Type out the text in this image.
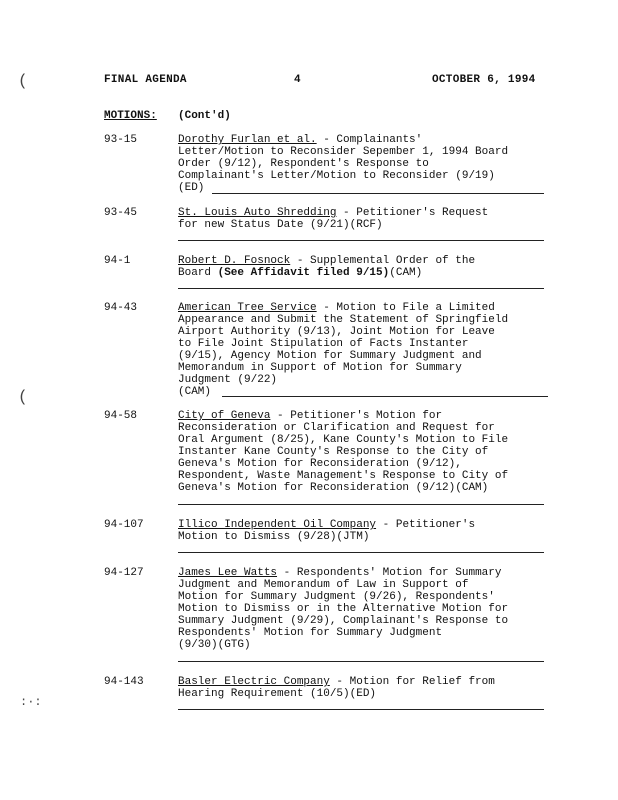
(
(
:·:
FINAL AGENDA	4	OCTOBER 6, 1994
MOTIONS: (Cont'd)
93-15	Dorothy Furlan et al. - Complainants'
Letter/Motion to Reconsider Sepember 1, 1994 Board
Order (9/12), Respondent's Response to
Complainant's Letter/Motion to Reconsider (9/19)
(ED)
93-45	St. Louis Auto Shredding - Petitioner's Request
for new Status Date (9/21)(RCF)
94-1	Robert D. Fosnock - Supplemental Order of the
Board (See Affidavit filed 9/15)(CAM)
94-43	American Tree Service - Motion to File a Limited
Appearance and Submit the Statement of Springfield
Airport Authority (9/13), Joint Motion for Leave
to File Joint Stipulation of Facts Instanter
(9/15), Agency Motion for Summary Judgment and
Memorandum in Support of Motion for Summary
Judgment (9/22)
(CAM)
94-58	City of Geneva - Petitioner's Motion for
Reconsideration or Clarification and Request for
Oral Argument (8/25), Kane County's Motion to File
Instanter Kane County's Response to the City of
Geneva's Motion for Reconsideration (9/12),
Respondent, Waste Management's Response to City of
Geneva's Motion for Reconsideration (9/12)(CAM)
94-107	Illico Independent Oil Company - Petitioner's
Motion to Dismiss (9/28)(JTM)
94-127	James Lee Watts - Respondents' Motion for Summary
Judgment and Memorandum of Law in Support of
Motion for Summary Judgment (9/26), Respondents'
Motion to Dismiss or in the Alternative Motion for
Summary Judgment (9/29), Complainant's Response to
Respondents' Motion for Summary Judgment
(9/30)(GTG)
94-143	Basler Electric Company - Motion for Relief from
Hearing Requirement (10/5)(ED)
